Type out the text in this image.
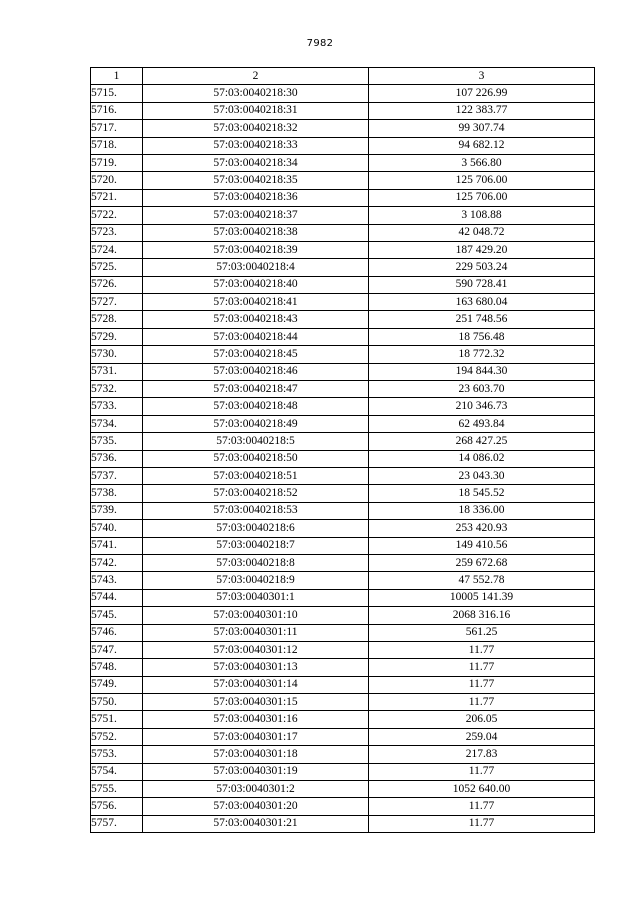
7982
1	2	3
5715.	57:03:0040218:30	107 226.99
5716.	57:03:0040218:31	122 383.77
5717.	57:03:0040218:32	99 307.74
5718.	57:03:0040218:33	94 682.12
5719.	57:03:0040218:34	3 566.80
5720.	57:03:0040218:35	125 706.00
5721.	57:03:0040218:36	125 706.00
5722.	57:03:0040218:37	3 108.88
5723.	57:03:0040218:38	42 048.72
5724.	57:03:0040218:39	187 429.20
5725.	57:03:0040218:4	229 503.24
5726.	57:03:0040218:40	590 728.41
5727.	57:03:0040218:41	163 680.04
5728.	57:03:0040218:43	251 748.56
5729.	57:03:0040218:44	18 756.48
5730.	57:03:0040218:45	18 772.32
5731.	57:03:0040218:46	194 844.30
5732.	57:03:0040218:47	23 603.70
5733.	57:03:0040218:48	210 346.73
5734.	57:03:0040218:49	62 493.84
5735.	57:03:0040218:5	268 427.25
5736.	57:03:0040218:50	14 086.02
5737.	57:03:0040218:51	23 043.30
5738.	57:03:0040218:52	18 545.52
5739.	57:03:0040218:53	18 336.00
5740.	57:03:0040218:6	253 420.93
5741.	57:03:0040218:7	149 410.56
5742.	57:03:0040218:8	259 672.68
5743.	57:03:0040218:9	47 552.78
5744.	57:03:0040301:1	10005 141.39
5745.	57:03:0040301:10	2068 316.16
5746.	57:03:0040301:11	561.25
5747.	57:03:0040301:12	11.77
5748.	57:03:0040301:13	11.77
5749.	57:03:0040301:14	11.77
5750.	57:03:0040301:15	11.77
5751.	57:03:0040301:16	206.05
5752.	57:03:0040301:17	259.04
5753.	57:03:0040301:18	217.83
5754.	57:03:0040301:19	11.77
5755.	57:03:0040301:2	1052 640.00
5756.	57:03:0040301:20	11.77
5757.	57:03:0040301:21	11.77
